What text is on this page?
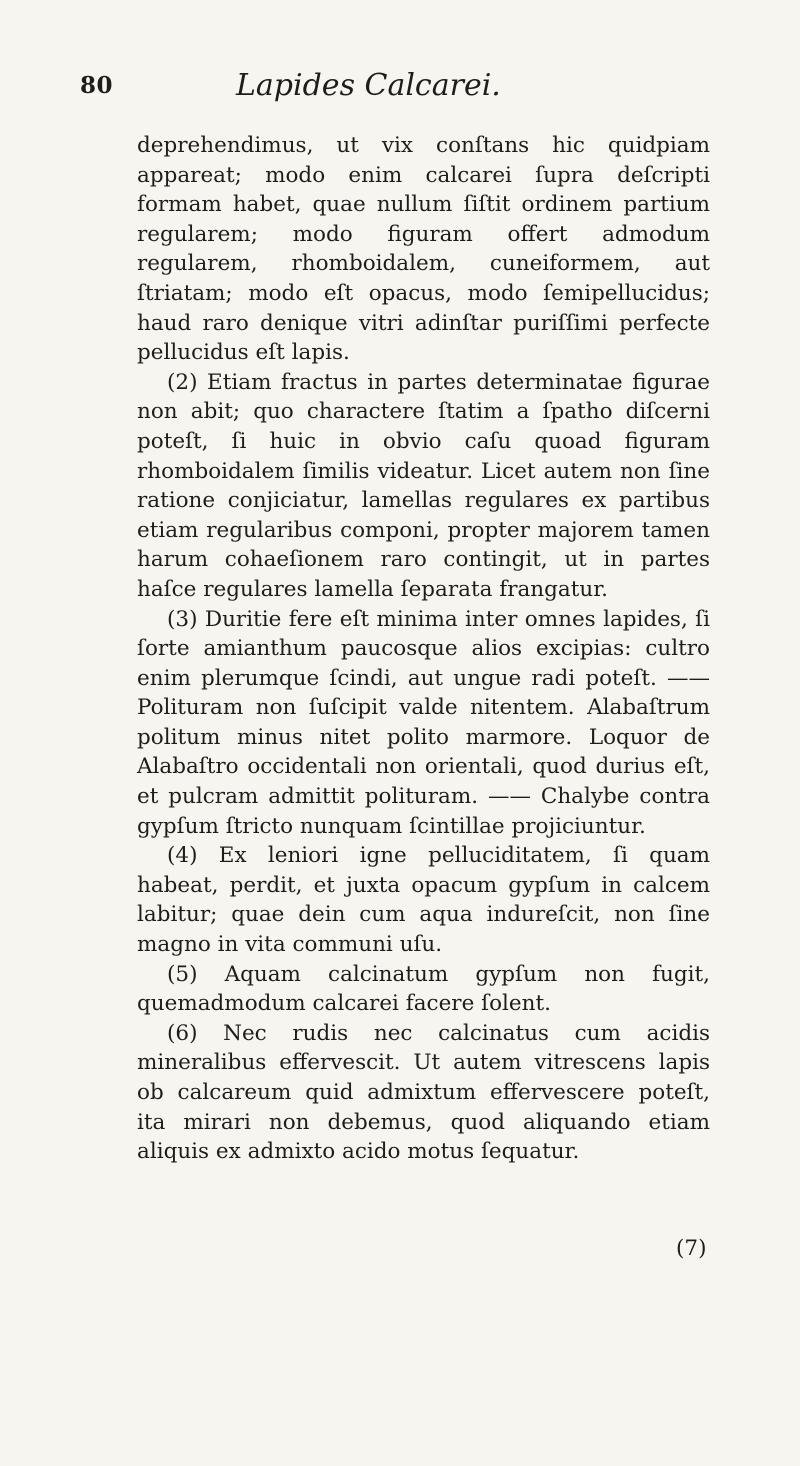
80	Lapides Calcarei.

deprehendimus, ut vix conſtans hic quidpiam appareat; modo enim calcarei ſupra deſcripti formam habet, quae nullum ſiſtit ordinem partium regularem; modo figuram offert admodum regularem, rhomboidalem, cuneiformem, aut ſtriatam; modo eſt opacus, modo ſemipellucidus; haud raro denique vitri adinſtar puriſſimi perfecte pellucidus eſt lapis.

(2) Etiam fractus in partes determinatae figurae non abit; quo charactere ſtatim a ſpatho diſcerni poteſt, ſi huic in obvio caſu quoad figuram rhomboidalem ſimilis videatur. Licet autem non ſine ratione conjiciatur, lamellas regulares ex partibus etiam regularibus componi, propter majorem tamen harum cohaeſionem raro contingit, ut in partes haſce regulares lamella ſeparata frangatur.

(3) Duritie fere eſt minima inter omnes lapides, ſi ſorte amianthum paucosque alios excipias: cultro enim plerumque ſcindi, aut ungue radi poteſt. —— Polituram non ſuſcipit valde nitentem. Alabaſtrum politum minus nitet polito marmore. Loquor de Alabaſtro occidentali non orientali, quod durius eſt, et pulcram admittit polituram. —— Chalybe contra gypſum ſtricto nunquam ſcintillae projiciuntur.

(4) Ex leniori igne pelluciditatem, ſi quam habeat, perdit, et juxta opacum gypſum in calcem labitur; quae dein cum aqua indureſcit, non ſine magno in vita communi uſu.

(5) Aquam calcinatum gypſum non fugit, quemadmodum calcarei facere ſolent.

(6) Nec rudis nec calcinatus cum acidis mineralibus effervescit. Ut autem vitrescens lapis ob calcareum quid admixtum effervescere poteſt, ita mirari non debemus, quod aliquando etiam aliquis ex admixto acido motus ſequatur.

(7)
